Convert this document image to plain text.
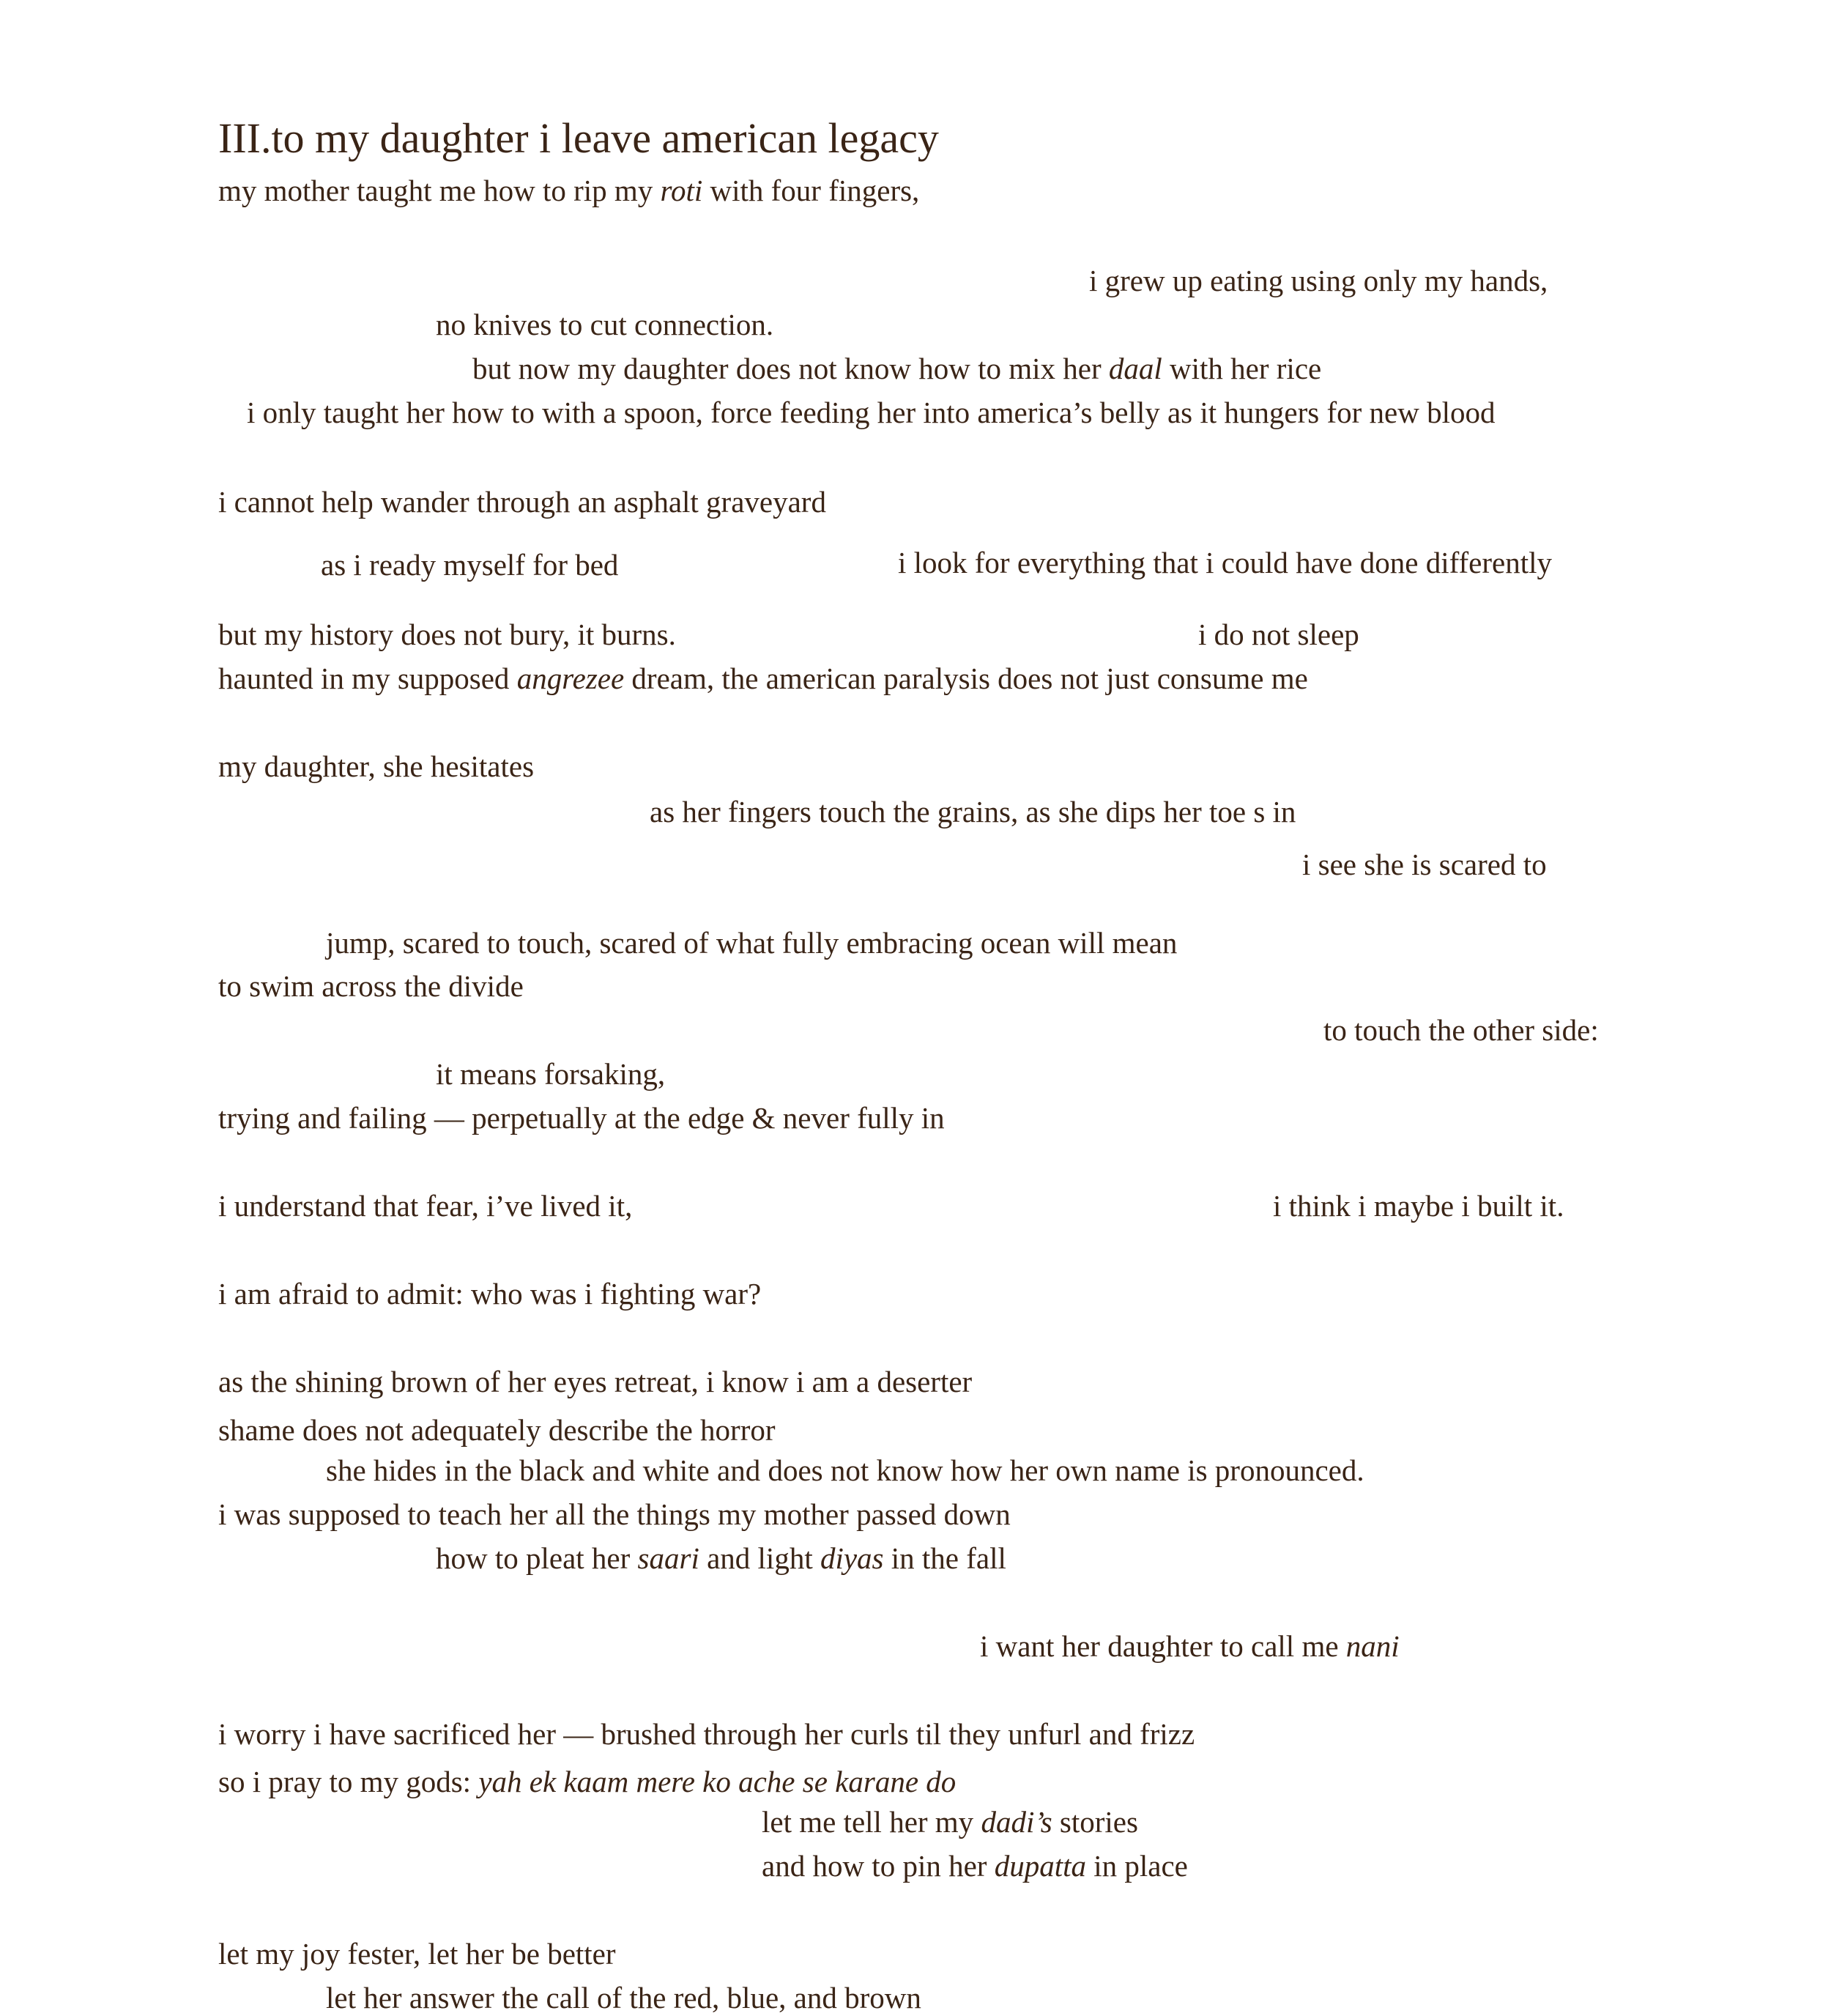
III.to my daughter i leave american legacy
my mother taught me how to rip my roti with four fingers,
i grew up eating using only my hands,
no knives to cut connection.
but now my daughter does not know how to mix her daal with her rice
i only taught her how to with a spoon, force feeding her into america’s belly as it hungers for new blood
i cannot help wander through an asphalt graveyard
as i ready myself for bed	i look for everything that i could have done differently
but my history does not bury, it burns.	i do not sleep
haunted in my supposed angrezee dream, the american paralysis does not just consume me
my daughter, she hesitates
as her fingers touch the grains, as she dips her toe s in
i see she is scared to
jump, scared to touch, scared of what fully embracing ocean will mean
to swim across the divide
to touch the other side:
it means forsaking,
trying and failing — perpetually at the edge & never fully in
i understand that fear, i’ve lived it,	i think i maybe i built it.
i am afraid to admit: who was i fighting war?
as the shining brown of her eyes retreat, i know i am a deserter
shame does not adequately describe the horror
she hides in the black and white and does not know how her own name is pronounced.
i was supposed to teach her all the things my mother passed down
how to pleat her saari and light diyas in the fall
i want her daughter to call me nani
i worry i have sacrificed her — brushed through her curls til they unfurl and frizz
so i pray to my gods: yah ek kaam mere ko ache se karane do
let me tell her my dadi’s stories
and how to pin her dupatta in place
let my joy fester, let her be better
let her answer the call of the red, blue, and brown
